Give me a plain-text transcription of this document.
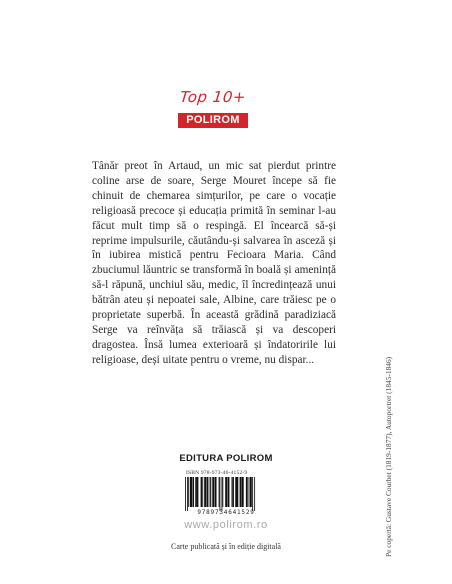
Top 10+
POLIROM

Tânăr preot în Artaud, un mic sat pierdut printre coline arse de soare, Serge Mouret începe să fie chinuit de chemarea simțurilor, pe care o vocație religioasă precoce și educația primită în seminar l-au făcut mult timp să o respingă. El încearcă să-și reprime impulsurile, căutându-și salvarea în asceză și în iubirea mistică pentru Fecioara Maria. Când zbuciumul lăuntric se transformă în boală și amenință să-l răpună, unchiul său, medic, îl încredințează unui bătrân ateu și nepoatei sale, Albine, care trăiesc pe o proprietate superbă. În această grădină paradiziacă Serge va reînvăța să trăiască și va descoperi dragostea. Însă lumea exterioară și îndatoririle lui religioase, deși uitate pentru o vreme, nu dispar...	Pe copertă: Gustave Courbet (1819-1877), Autoportret (1845-1846)
EDITURA POLIROM
ISBN 978-973-46-4152-9
9789734641529
www.polirom.ro
Carte publicată și în ediție digitală
